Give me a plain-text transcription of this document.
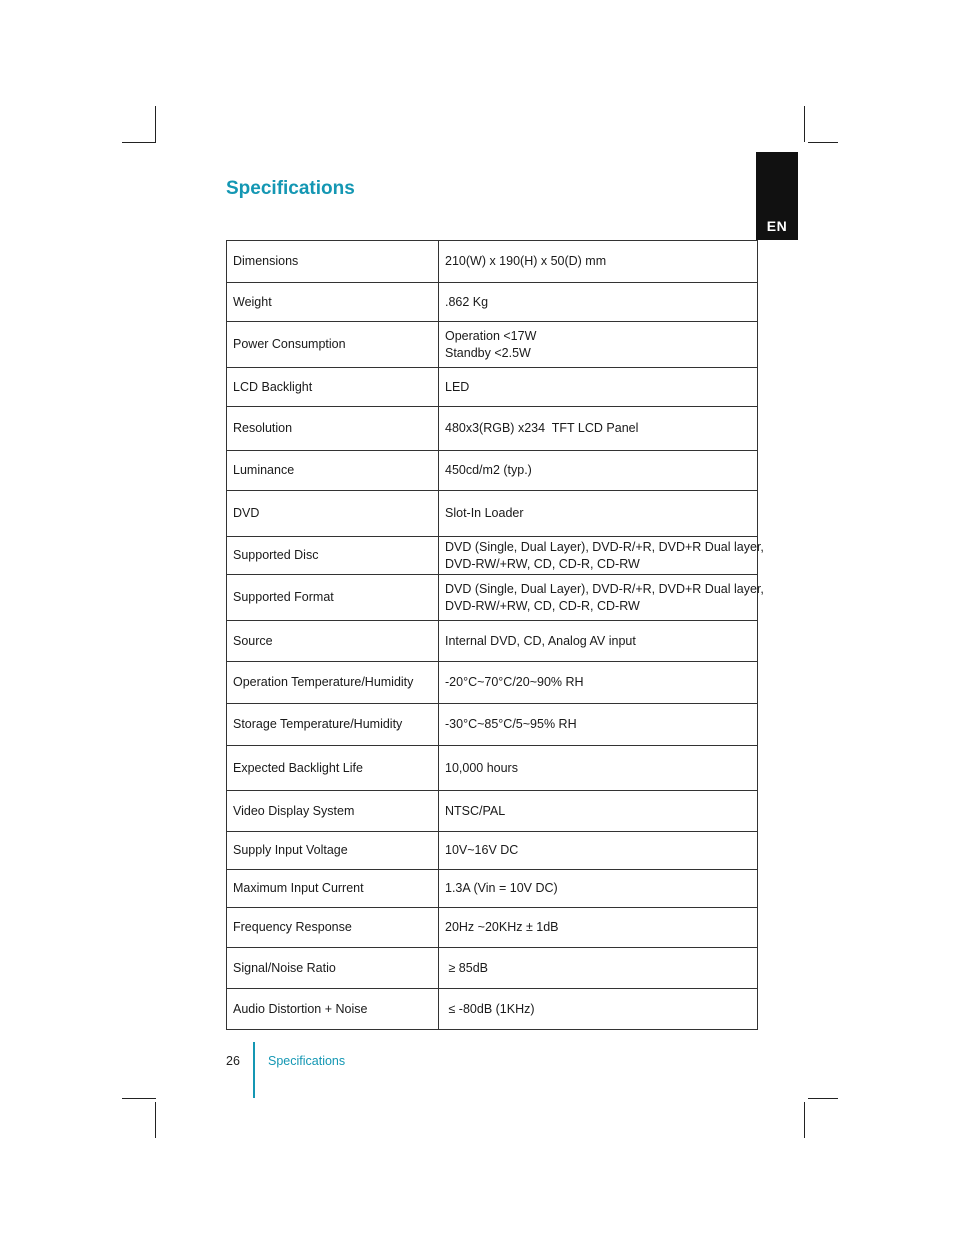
EN
Specifications
Dimensions	210(W) x 190(H) x 50(D) mm

Weight	.862 Kg

Power Consumption	Operation <17W
Standby <2.5W

LCD Backlight	LED

Resolution	480x3(RGB) x234  TFT LCD Panel

Luminance	450cd/m2 (typ.)

DVD	Slot-In Loader

Supported Disc	DVD (Single, Dual Layer), DVD-R/+R, DVD+R Dual layer,
DVD-RW/+RW, CD, CD-R, CD-RW

Supported Format	DVD (Single, Dual Layer), DVD-R/+R, DVD+R Dual layer,
DVD-RW/+RW, CD, CD-R, CD-RW

Source	Internal DVD, CD, Analog AV input

Operation Temperature/Humidity	-20°C~70°C/20~90% RH

Storage Temperature/Humidity	-30°C~85°C/5~95% RH

Expected Backlight Life	10,000 hours

Video Display System	NTSC/PAL

Supply Input Voltage	10V~16V DC

Maximum Input Current	1.3A (Vin = 10V DC)

Frequency Response	20Hz ~20KHz ± 1dB

Signal/Noise Ratio	≥ 85dB

Audio Distortion + Noise	≤ -80dB (1KHz)
26 Specifications
